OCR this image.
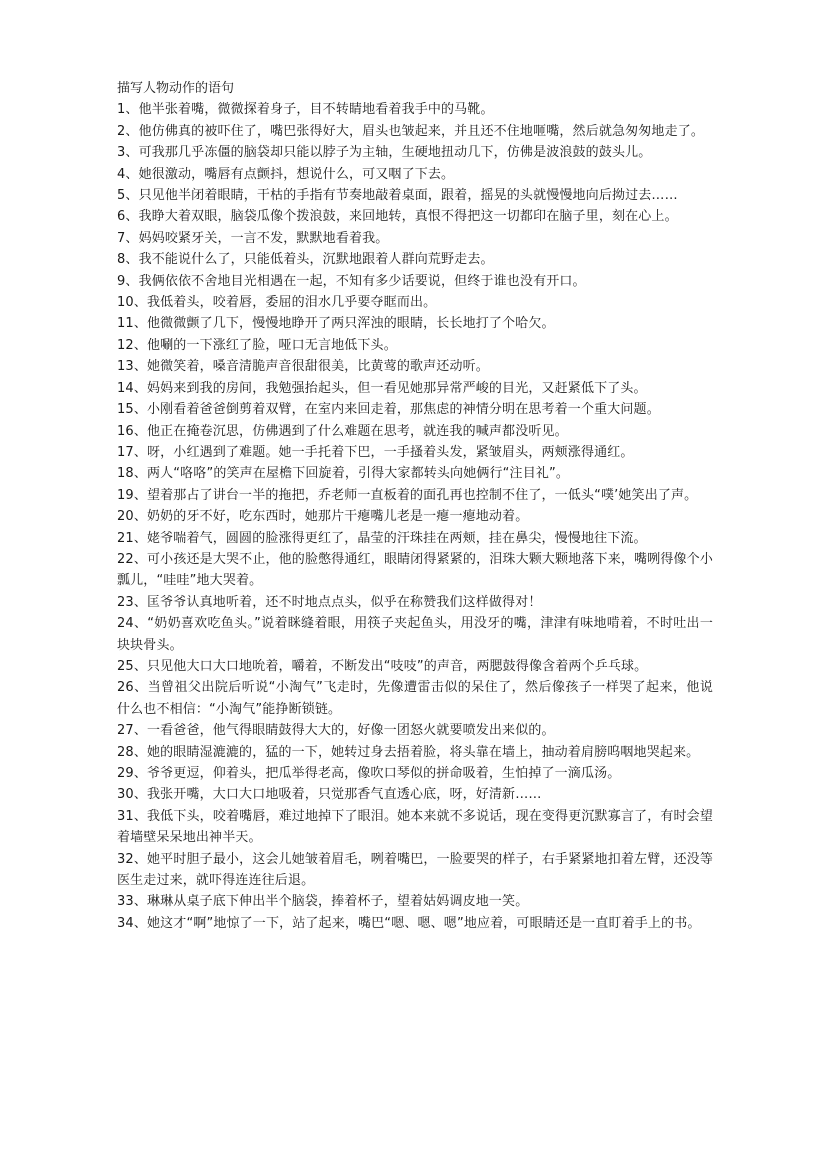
描写人物动作的语句
1、他半张着嘴，微微探着身子，目不转睛地看着我手中的马靴。
2、他仿佛真的被吓住了，嘴巴张得好大，眉头也皱起来，并且还不住地咂嘴，然后就急匆匆地走了。
3、可我那几乎冻僵的脑袋却只能以脖子为主轴，生硬地扭动几下，仿佛是波浪鼓的鼓头儿。
4、她很激动，嘴唇有点颤抖，想说什么，可又咽了下去。
5、只见他半闭着眼睛，干枯的手指有节奏地敲着桌面，跟着，摇晃的头就慢慢地向后拗过去……
6、我睁大着双眼，脑袋瓜像个拨浪鼓，来回地转，真恨不得把这一切都印在脑子里，刻在心上。
7、妈妈咬紧牙关，一言不发，默默地看着我。
8、我不能说什么了，只能低着头，沉默地跟着人群向荒野走去。
9、我俩依依不舍地目光相遇在一起，不知有多少话要说，但终于谁也没有开口。
10、我低着头，咬着唇，委屈的泪水几乎要夺眶而出。
11、他微微颤了几下，慢慢地睁开了两只浑浊的眼睛，长长地打了个哈欠。
12、他唰的一下涨红了脸，哑口无言地低下头。
13、她微笑着，嗓音清脆声音很甜很美，比黄莺的歌声还动听。
14、妈妈来到我的房间，我勉强抬起头，但一看见她那异常严峻的目光，又赶紧低下了头。
15、小刚看着爸爸倒剪着双臂，在室内来回走着，那焦虑的神情分明在思考着一个重大问题。
16、他正在掩卷沉思，仿佛遇到了什么难题在思考，就连我的喊声都没听见。
17、呀，小红遇到了难题。她一手托着下巴，一手搔着头发，紧皱眉头，两颊涨得通红。
18、两人“咯咯”的笑声在屋檐下回旋着，引得大家都转头向她俩行“注目礼”。
19、望着那占了讲台一半的拖把，乔老师一直板着的面孔再也控制不住了，一低头“噗’她笑出了声。
20、奶奶的牙不好，吃东西时，她那片干瘪嘴儿老是一瘪一瘪地动着。
21、姥爷喘着气，圆圆的脸涨得更红了，晶莹的汗珠挂在两颊，挂在鼻尖，慢慢地往下流。
22、可小孩还是大哭不止，他的脸憋得通红，眼睛闭得紧紧的，泪珠大颗大颗地落下来，嘴咧得像个小瓢儿，“哇哇”地大哭着。
23、匡爷爷认真地听着，还不时地点点头，似乎在称赞我们这样做得对！
24、“奶奶喜欢吃鱼头。”说着眯缝着眼，用筷子夹起鱼头，用没牙的嘴，津津有味地啃着，不时吐出一块块骨头。
25、只见他大口大口地吮着，嚼着，不断发出“吱吱”的声音，两腮鼓得像含着两个乒乓球。
26、当曾祖父出院后听说“小淘气”飞走时，先像遭雷击似的呆住了，然后像孩子一样哭了起来，他说什么也不相信：“小淘气”能挣断锁链。
27、一看爸爸，他气得眼睛鼓得大大的，好像一团怒火就要喷发出来似的。
28、她的眼睛湿漉漉的，猛的一下，她转过身去捂着脸，将头靠在墙上，抽动着肩膀呜咽地哭起来。
29、爷爷更逗，仰着头，把瓜举得老高，像吹口琴似的拼命吸着，生怕掉了一滴瓜汤。
30、我张开嘴，大口大口地吸着，只觉那香气直透心底，呀，好清新……
31、我低下头，咬着嘴唇，难过地掉下了眼泪。她本来就不多说话，现在变得更沉默寡言了，有时会望着墙壁呆呆地出神半天。
32、她平时胆子最小，这会儿她皱着眉毛，咧着嘴巴，一脸要哭的样子，右手紧紧地扣着左臂，还没等医生走过来，就吓得连连往后退。
33、琳琳从桌子底下伸出半个脑袋，捧着杯子，望着姑妈调皮地一笑。
34、她这才“啊”地惊了一下，站了起来，嘴巴“嗯、嗯、嗯”地应着，可眼睛还是一直盯着手上的书。
